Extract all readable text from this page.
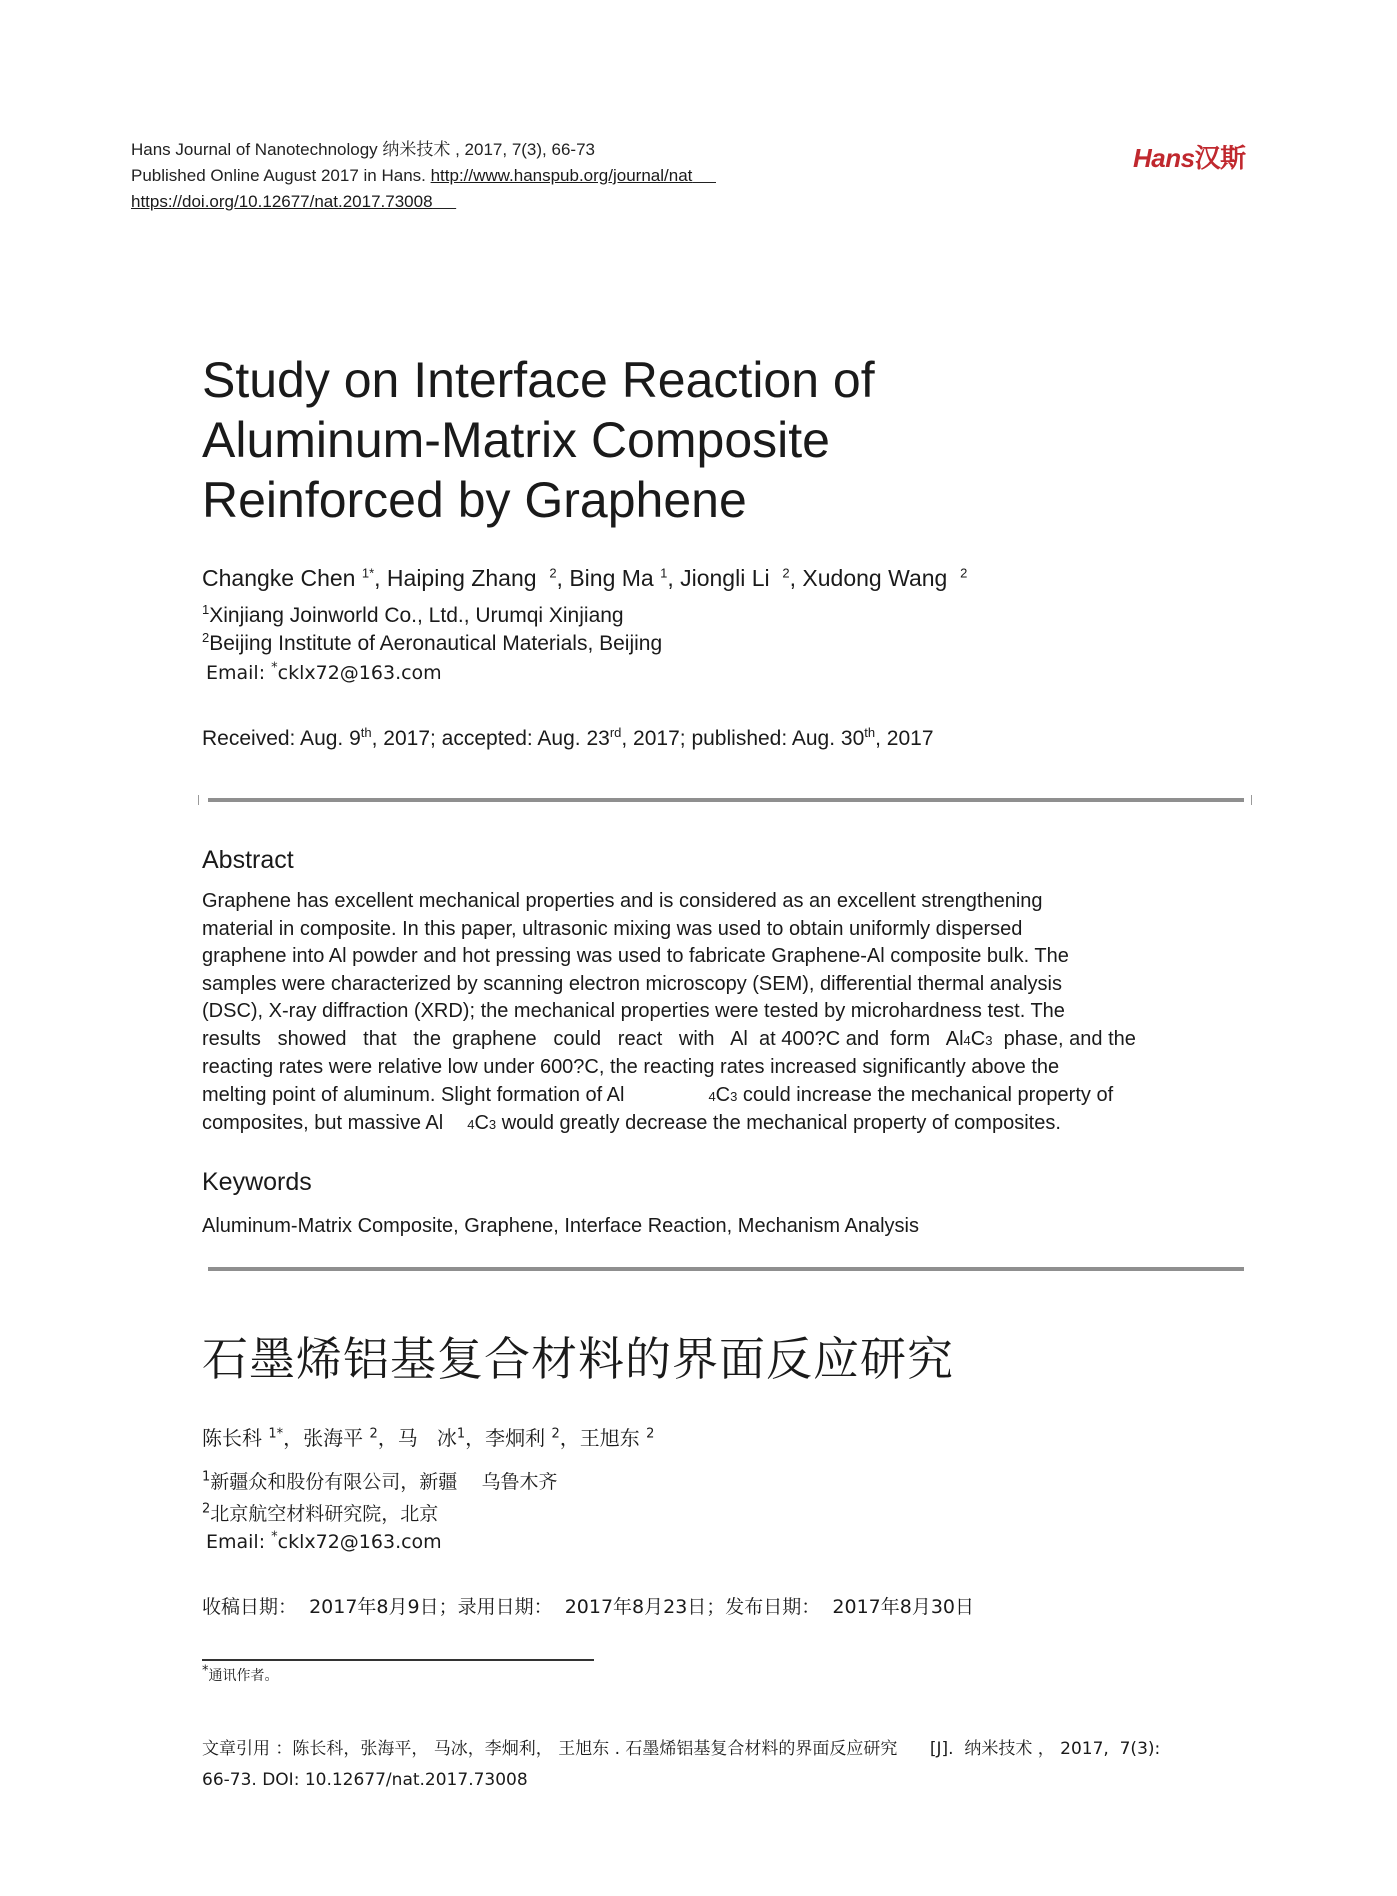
Hans Journal of Nanotechnology 纳米技术 , 2017, 7(3), 66-73
Published Online August 2017 in Hans. http://www.hanspub.org/journal/nat
https://doi.org/10.12677/nat.2017.73008
Hans汉斯
Study on Interface Reaction of
Aluminum-Matrix Composite
Reinforced by Graphene
Changke Chen $^{1*}$, Haiping Zhang $^2$, Bing Ma $^1$, Jiongli Li $^2$, Xudong Wang $^2$
$^1$Xinjiang Joinworld Co., Ltd., Urumqi Xinjiang
$^2$Beijing Institute of Aeronautical Materials, Beijing
Email: *cklx72@163.com
Received: Aug. 9th, 2017; accepted: Aug. 23rd, 2017; published: Aug. 30th, 2017
Abstract
Graphene has excellent mechanical properties and is considered as an excellent strengthening
material in composite. In this paper, ultrasonic mixing was used to obtain uniformly dispersed
graphene into Al powder and hot pressing was used to fabricate Graphene-Al composite bulk. The
samples were characterized by scanning electron microscopy (SEM), differential thermal analysis
(DSC), X-ray diffraction (XRD); the mechanical properties were tested by microhardness test. The
results   showed   that   the  graphene   could   react   with   Al  at 400?C and  form   Al4C3  phase, and the
reacting rates were relative low under 600?C, the reacting rates increased significantly above the
melting point of aluminum. Slight formation of Al	4C3 could increase the mechanical property of
composites, but massive Al 4C3 would greatly decrease the mechanical property of composites.
Keywords
Aluminum-Matrix Composite, Graphene, Interface Reaction, Mechanism Analysis
石墨烯铝基复合材料的界面反应研究
陈长科 $^{1*}$，张海平 $^2$，马   冰$^1$，李炯利 $^2$，王旭东 $^2$
$^1$新疆众和股份有限公司，新疆    乌鲁木齐
$^2$北京航空材料研究院，北京
Email: *cklx72@163.com
收稿日期：  2017年8月9日；录用日期：  2017年8月23日；发布日期：  2017年8月30日
*通讯作者。
文章引用 ：陈长科，张海平， 马冰，李炯利， 王旭东 . 石墨烯铝基复合材料的界面反应研究      [J].  纳米技术 ， 2017,  7(3):
66-73. DOI: 10.12677/nat.2017.73008
